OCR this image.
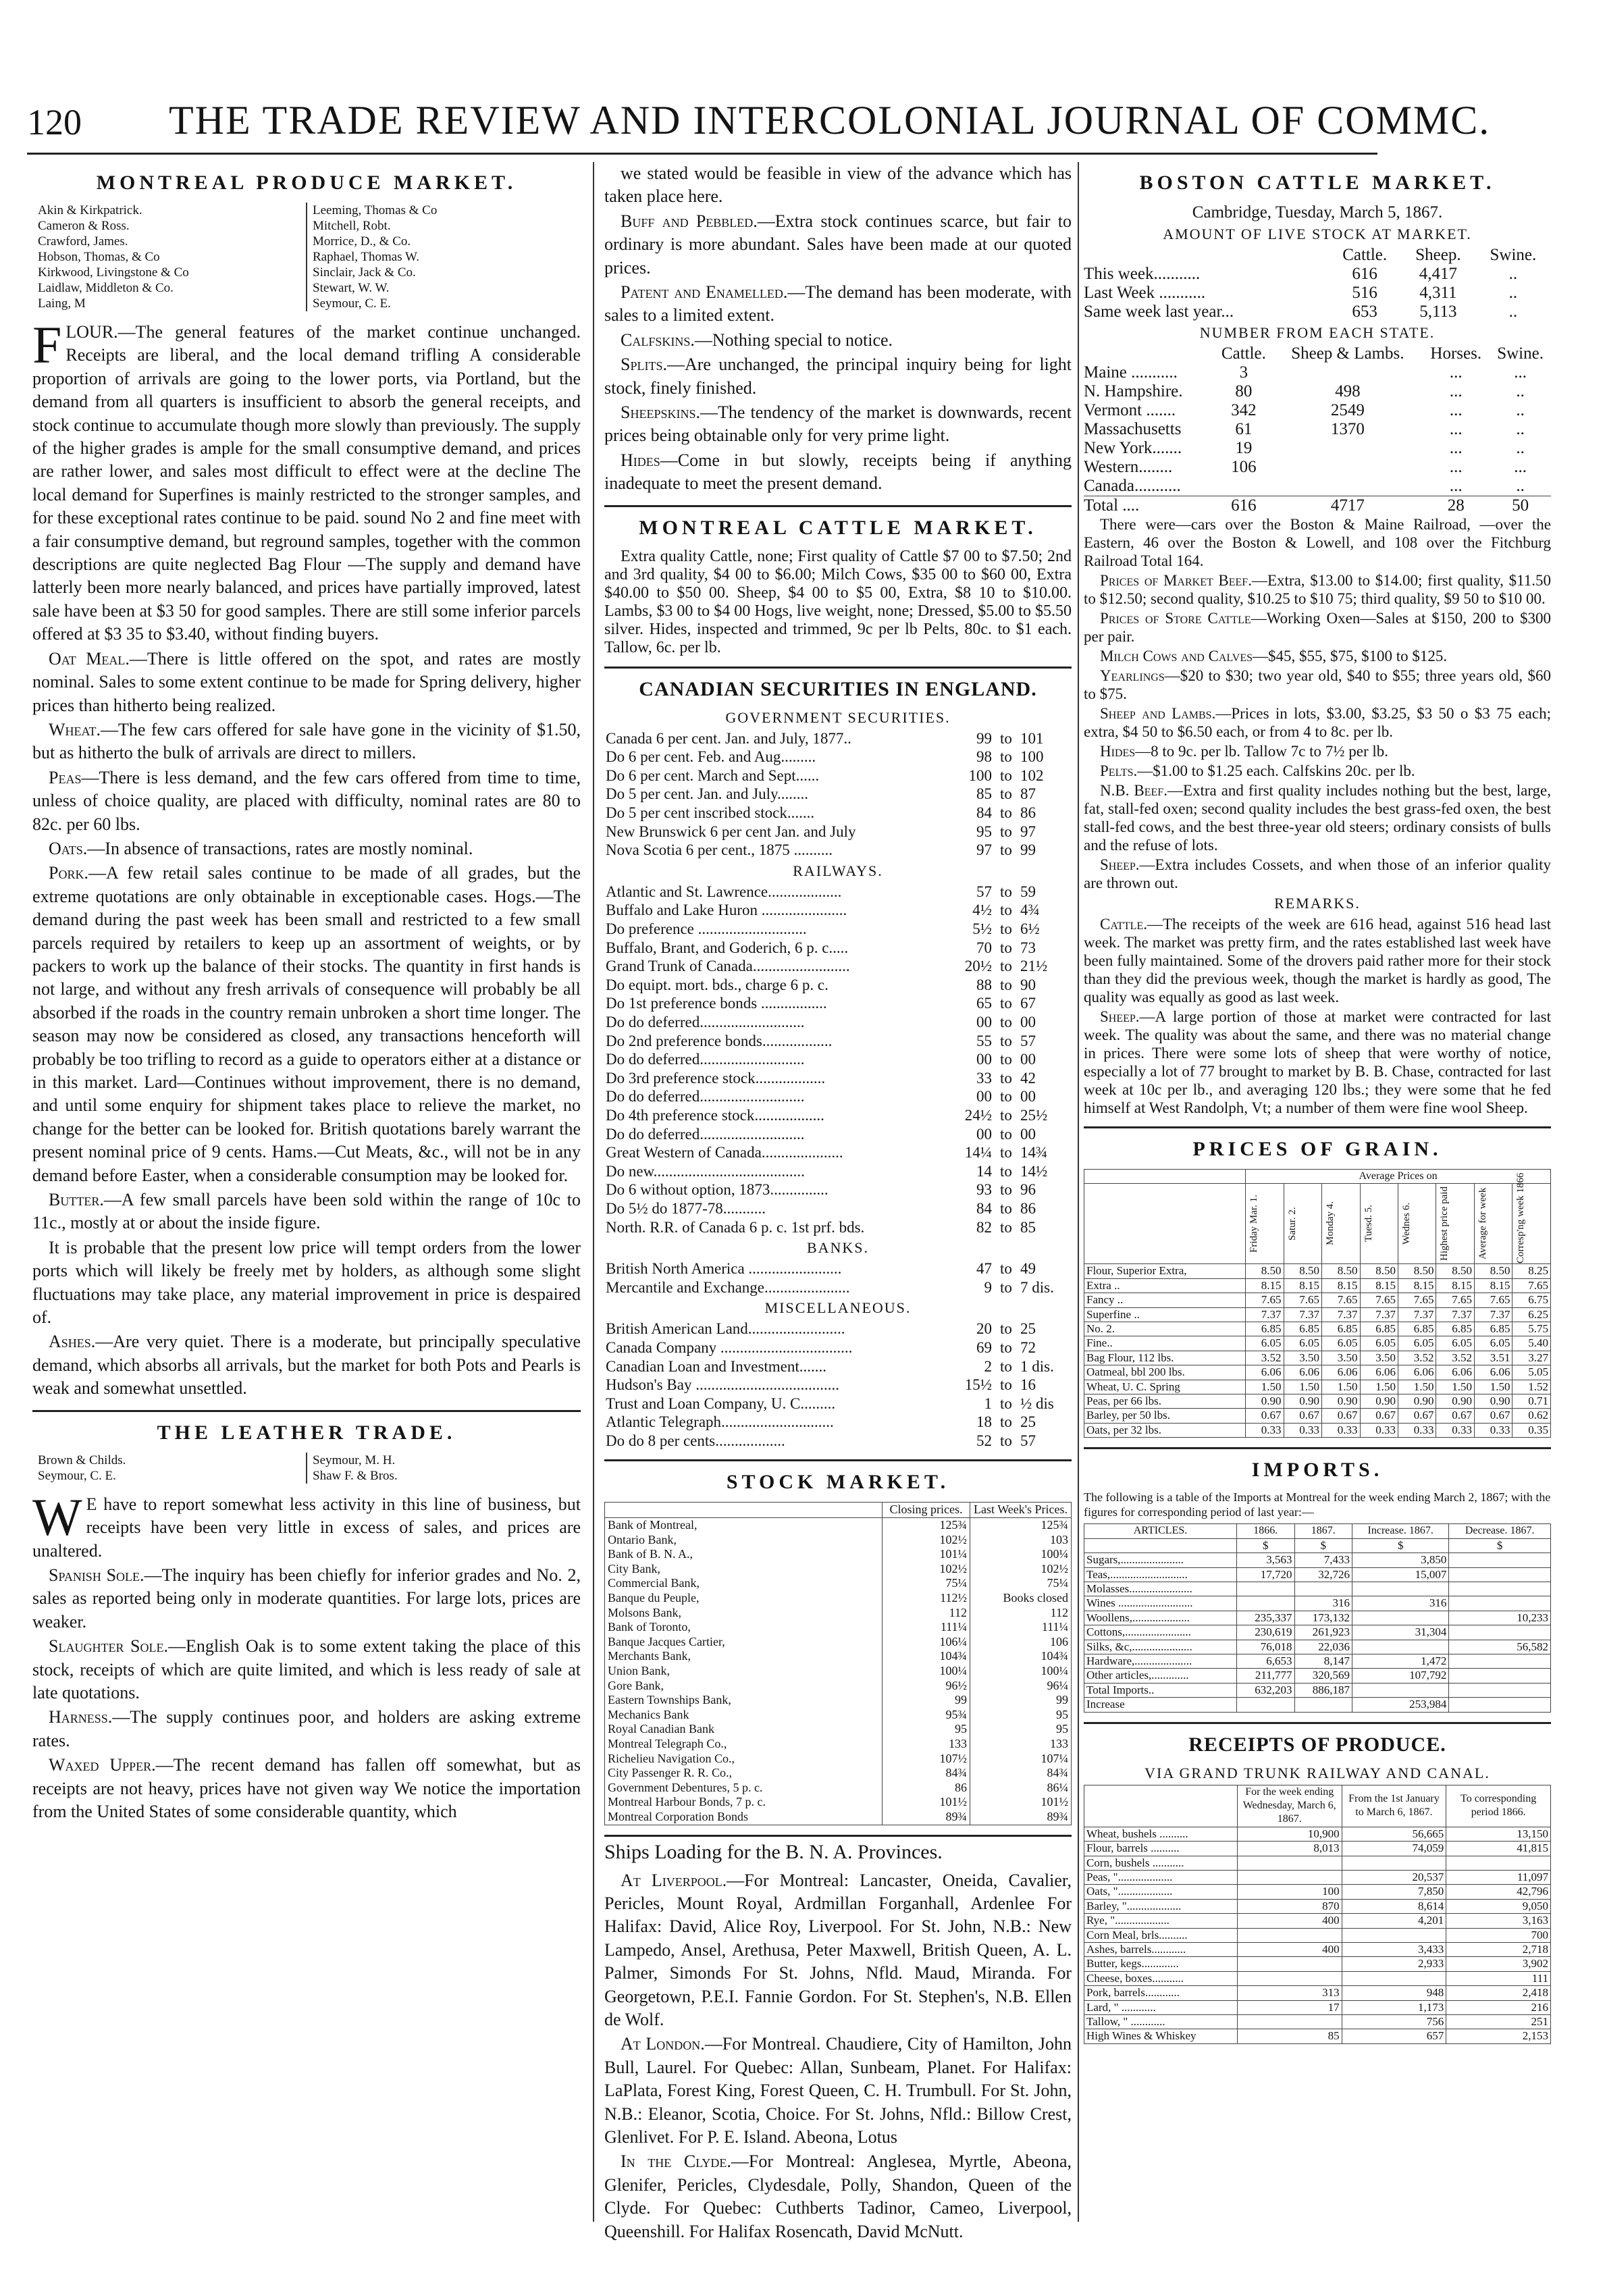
120 THE TRADE REVIEW AND INTERCOLONIAL JOURNAL OF COMMC.
MONTREAL PRODUCE MARKET.
Akin & Kirkpatrick.
Cameron & Ross.
Crawford, James.
Hobson, Thomas, & Co
Kirkwood, Livingstone & Co
Laidlaw, Middleton & Co.
Laing, M
Leeming, Thomas & Co
Mitchell, Robt.
Morrice, D., & Co.
Raphael, Thomas W.
Sinclair, Jack & Co.
Stewart, W. W.
Seymour, C. E.

FLOUR.—The general features of the market continue unchanged. Receipts are liberal, and the local demand trifling A considerable proportion of arrivals are going to the lower ports, via Portland, but the demand from all quarters is insufficient to absorb the general receipts, and stock continue to accumulate though more slowly than previously. The supply of the higher grades is ample for the small consumptive demand, and prices are rather lower, and sales most difficult to effect were at the decline The local demand for Superfines is mainly restricted to the stronger samples, and for these exceptional rates continue to be paid. sound No 2 and fine meet with a fair consumptive demand, but reground samples, together with the common descriptions are quite neglected Bag Flour —The supply and demand have latterly been more nearly balanced, and prices have partially improved, latest sale have been at $3 50 for good samples. There are still some inferior parcels offered at $3 35 to $3.40, without finding buyers.

Oat Meal.—There is little offered on the spot, and rates are mostly nominal. Sales to some extent continue to be made for Spring delivery, higher prices than hitherto being realized.

Wheat.—The few cars offered for sale have gone in the vicinity of $1.50, but as hitherto the bulk of arrivals are direct to millers.

Peas—There is less demand, and the few cars offered from time to time, unless of choice quality, are placed with difficulty, nominal rates are 80 to 82c. per 60 lbs.

Oats.—In absence of transactions, rates are mostly nominal.

Pork.—A few retail sales continue to be made of all grades, but the extreme quotations are only obtainable in exceptionable cases. Hogs.—The demand during the past week has been small and restricted to a few small parcels required by retailers to keep up an assortment of weights, or by packers to work up the balance of their stocks. The quantity in first hands is not large, and without any fresh arrivals of consequence will probably be all absorbed if the roads in the country remain unbroken a short time longer. The season may now be considered as closed, any transactions henceforth will probably be too trifling to record as a guide to operators either at a distance or in this market. Lard—Continues without improvement, there is no demand, and until some enquiry for shipment takes place to relieve the market, no change for the better can be looked for. British quotations barely warrant the present nominal price of 9 cents. Hams.—Cut Meats, &c., will not be in any demand before Easter, when a considerable consumption may be looked for.

Butter.—A few small parcels have been sold within the range of 10c to 11c., mostly at or about the inside figure.

It is probable that the present low price will tempt orders from the lower ports which will likely be freely met by holders, as although some slight fluctuations may take place, any material improvement in price is despaired of.

Ashes.—Are very quiet. There is a moderate, but principally speculative demand, which absorbs all arrivals, but the market for both Pots and Pearls is weak and somewhat unsettled.

THE LEATHER TRADE.
Brown & Childs.
Seymour, C. E.
Seymour, M. H.
Shaw F. & Bros.

W E have to report somewhat less activity in this line of business, but receipts have been very little in excess of sales, and prices are unaltered.

Spanish Sole.—The inquiry has been chiefly for inferior grades and No. 2, sales as reported being only in moderate quantities. For large lots, prices are weaker.

Slaughter Sole.—English Oak is to some extent taking the place of this stock, receipts of which are quite limited, and which is less ready of sale at late quotations.

Harness.—The supply continues poor, and holders are asking extreme rates.

Waxed Upper.—The recent demand has fallen off somewhat, but as receipts are not heavy, prices have not given way We notice the importation from the United States of some considerable quantity, which

we stated would be feasible in view of the advance which has taken place here.

Buff and Pebbled.—Extra stock continues scarce, but fair to ordinary is more abundant. Sales have been made at our quoted prices.

Patent and Enamelled.—The demand has been moderate, with sales to a limited extent.

Calfskins.—Nothing special to notice.

Splits.—Are unchanged, the principal inquiry being for light stock, finely finished.

Sheepskins.—The tendency of the market is downwards, recent prices being obtainable only for very prime light.

Hides—Come in but slowly, receipts being if anything inadequate to meet the present demand.

MONTREAL CATTLE MARKET.

Extra quality Cattle, none; First quality of Cattle $7 00 to $7.50; 2nd and 3rd quality, $4 00 to $6.00; Milch Cows, $35 00 to $60 00, Extra $40.00 to $50 00. Sheep, $4 00 to $5 00, Extra, $8 10 to $10.00. Lambs, $3 00 to $4 00 Hogs, live weight, none; Dressed, $5.00 to $5.50 silver. Hides, inspected and trimmed, 9c per lb Pelts, 80c. to $1 each. Tallow, 6c. per lb.

CANADIAN SECURITIES IN ENGLAND.
GOVERNMENT SECURITIES.
Canada 6 per cent. Jan. and July, 1877..	99	to	101
Do 6 per cent. Feb. and Aug.........	98	to	100
Do 6 per cent. March and Sept......	100	to	102
Do 5 per cent. Jan. and July........	85	to	87
Do 5 per cent inscribed stock.......	84	to	86
New Brunswick 6 per cent Jan. and July	95	to	97
Nova Scotia 6 per cent., 1875 ..........	97	to	99
RAILWAYS.
Atlantic and St. Lawrence...................	57	to	59
Buffalo and Lake Huron ......................	4½	to	4¾
Do preference ............................	5½	to	6½
Buffalo, Brant, and Goderich, 6 p. c.....	70	to	73
Grand Trunk of Canada.........................	20½	to	21½
Do equipt. mort. bds., charge 6 p. c.	88	to	90
Do 1st preference bonds .................	65	to	67
Do do deferred...........................	00	to	00
Do 2nd preference bonds..................	55	to	57
Do do deferred...........................	00	to	00
Do 3rd preference stock..................	33	to	42
Do do deferred...........................	00	to	00
Do 4th preference stock..................	24½	to	25½
Do do deferred...........................	00	to	00
Great Western of Canada.....................	14¼	to	14¾
Do new.......................................	14	to	14½
Do 6 without option, 1873...............	93	to	96
Do 5½ do 1877-78...........	84	to	86
North. R.R. of Canada 6 p. c. 1st prf. bds.	82	to	85
BANKS.
British North America ........................	47	to	49
Mercantile and Exchange......................	9	to	7 dis.
MISCELLANEOUS.
British American Land.........................	20	to	25
Canada Company ..................................	69	to	72
Canadian Loan and Investment.......	2	to	1 dis.
Hudson's Bay .....................................	15½	to	16
Trust and Loan Company, U. C.........	1	to	½ dis
Atlantic Telegraph.............................	18	to	25
Do do 8 per cents..................	52	to	57
STOCK MARKET.
	Closing prices.	Last Week's Prices.
Bank of Montreal,	125¾	125¾
Ontario Bank,	102½	103
Bank of B. N. A.,	101¼	100¼
City Bank,	102½	102½
Commercial Bank,	75¼	75¼
Banque du Peuple,	112½	Books closed
Molsons Bank,	112	112
Bank of Toronto,	111¼	111¼
Banque Jacques Cartier,	106¼	106
Merchants Bank,	104¾	104¾
Union Bank,	100¼	100¼
Gore Bank,	96½	96¼
Eastern Townships Bank,	99	99
Mechanics Bank	95¾	95
Royal Canadian Bank	95	95
Montreal Telegraph Co.,	133	133
Richelieu Navigation Co.,	107½	107¼
City Passenger R. R. Co.,	84¾	84¾
Government Debentures, 5 p. c.	86	86¼
Montreal Harbour Bonds, 7 p. c.	101½	101½
Montreal Corporation Bonds	89¾	89¾
Ships Loading for the B. N. A. Provinces.

At Liverpool.—For Montreal: Lancaster, Oneida, Cavalier, Pericles, Mount Royal, Ardmillan Forganhall, Ardenlee For Halifax: David, Alice Roy, Liverpool. For St. John, N.B.: New Lampedo, Ansel, Arethusa, Peter Maxwell, British Queen, A. L. Palmer, Simonds For St. Johns, Nfld. Maud, Miranda. For Georgetown, P.E.I. Fannie Gordon. For St. Stephen's, N.B. Ellen de Wolf.

At London.—For Montreal. Chaudiere, City of Hamilton, John Bull, Laurel. For Quebec: Allan, Sunbeam, Planet. For Halifax: LaPlata, Forest King, Forest Queen, C. H. Trumbull. For St. John, N.B.: Eleanor, Scotia, Choice. For St. Johns, Nfld.: Billow Crest, Glenlivet. For P. E. Island. Abeona, Lotus

In the Clyde.—For Montreal: Anglesea, Myrtle, Abeona, Glenifer, Pericles, Clydesdale, Polly, Shandon, Queen of the Clyde. For Quebec: Cuthberts Tadinor, Cameo, Liverpool, Queenshill. For Halifax Rosencath, David McNutt.

BOSTON CATTLE MARKET.
Cambridge, Tuesday, March 5, 1867.
AMOUNT OF LIVE STOCK AT MARKET.
	Cattle.	Sheep.	Swine.
This week...........	616	4,417	..
Last Week ...........	516	4,311	..
Same week last year...	653	5,113	..
NUMBER FROM EACH STATE.
	Cattle.	Sheep & Lambs.	Horses.	Swine.
Maine ...........	3		...	...
N. Hampshire.	80	498	...	..
Vermont .......	342	2549	...	..
Massachusetts	61	1370	...	..
New York.......	19		...	..
Western........	106		...	...
Canada...........			...	..
Total ....	616	4717	28	50

There were—cars over the Boston & Maine Railroad, —over the Eastern, 46 over the Boston & Lowell, and 108 over the Fitchburg Railroad Total 164.

Prices of Market Beef.—Extra, $13.00 to $14.00; first quality, $11.50 to $12.50; second quality, $10.25 to $10 75; third quality, $9 50 to $10 00.

Prices of Store Cattle—Working Oxen—Sales at $150, 200 to $300 per pair.

Milch Cows and Calves—$45, $55, $75, $100 to $125.

Yearlings—$20 to $30; two year old, $40 to $55; three years old, $60 to $75.

Sheep and Lambs.—Prices in lots, $3.00, $3.25, $3 50 o $3 75 each; extra, $4 50 to $6.50 each, or from 4 to 8c. per lb.

Hides—8 to 9c. per lb. Tallow 7c to 7½ per lb.

Pelts.—$1.00 to $1.25 each. Calfskins 20c. per lb.

N.B. Beef.—Extra and first quality includes nothing but the best, large, fat, stall-fed oxen; second quality includes the best grass-fed oxen, the best stall-fed cows, and the best three-year old steers; ordinary consists of bulls and the refuse of lots.

Sheep.—Extra includes Cossets, and when those of an inferior quality are thrown out.

REMARKS.

Cattle.—The receipts of the week are 616 head, against 516 head last week. The market was pretty firm, and the rates established last week have been fully maintained. Some of the drovers paid rather more for their stock than they did the previous week, though the market is hardly as good, The quality was equally as good as last week.

Sheep.—A large portion of those at market were contracted for last week. The quality was about the same, and there was no material change in prices. There were some lots of sheep that were worthy of notice, especially a lot of 77 brought to market by B. B. Chase, contracted for last week at 10c per lb., and averaging 120 lbs.; they were some that he fed himself at West Randolph, Vt; a number of them were fine wool Sheep.

PRICES OF GRAIN.
	Average Prices on							

	Friday Mar. 1.	Satur. 2.	Monday 4.	Tuesd. 5.	Wednes 6.	Highest price paid	Average for week	Corresp'ng week 1866

Flour, Superior Extra,	8.50	8.50	8.50	8.50	8.50	8.50	8.50	8.25
Extra ..	8.15	8.15	8.15	8.15	8.15	8.15	8.15	7.65
Fancy ..	7.65	7.65	7.65	7.65	7.65	7.65	7.65	6.75
Superfine ..	7.37	7.37	7.37	7.37	7.37	7.37	7.37	6.25
No. 2.	6.85	6.85	6.85	6.85	6.85	6.85	6.85	5.75
Fine..	6.05	6.05	6.05	6.05	6.05	6.05	6.05	5.40
Bag Flour, 112 lbs.	3.52	3.50	3.50	3.50	3.52	3.52	3.51	3.27
Oatmeal, bbl 200 lbs.	6.06	6.06	6.06	6.06	6.06	6.06	6.06	5.05
Wheat, U. C. Spring	1.50	1.50	1.50	1.50	1.50	1.50	1.50	1.52
Peas, per 66 lbs.	0.90	0.90	0.90	0.90	0.90	0.90	0.90	0.71
Barley, per 50 lbs.	0.67	0.67	0.67	0.67	0.67	0.67	0.67	0.62
Oats, per 32 lbs.	0.33	0.33	0.33	0.33	0.33	0.33	0.33	0.35
IMPORTS.
The following is a table of the Imports at Montreal for the week ending March 2, 1867; with the figures for corresponding period of last year:—
ARTICLES.	1866.	1867.	Increase. 1867.	Decrease. 1867.
	$	$	$	$
Sugars,......................	3,563	7,433	3,850	
Teas,...........................	17,720	32,726	15,007	
Molasses......................				
Wines ..........................		316	316	
Woollens,....................	235,337	173,132		10,233
Cottons,.......................	230,619	261,923	31,304	
Silks, &c,.....................	76,018	22,036		56,582
Hardware,....................	6,653	8,147	1,472	
Other articles,.............	211,777	320,569	107,792	
Total Imports..	632,203	886,187		
Increase			253,984	
RECEIPTS OF PRODUCE.
VIA GRAND TRUNK RAILWAY AND CANAL.
	For the week ending Wednesday, March 6, 1867.	From the 1st January to March 6, 1867.	To corresponding period 1866.
Wheat, bushels ..........	10,900	56,665	13,150
Flour, barrels ..........	8,013	74,059	41,815
Corn, bushels ...........			
Peas, "...................		20,537	11,097
Oats, "...................	100	7,850	42,796
Barley, "...................	870	8,614	9,050
Rye, "...................	400	4,201	3,163
Corn Meal, brls..........			700
Ashes, barrels............	400	3,433	2,718
Butter, kegs.............		2,933	3,902
Cheese, boxes...........			111
Pork, barrels............	313	948	2,418
Lard, " ............	17	1,173	216
Tallow, " ............		756	251
High Wines & Whiskey	85	657	2,153
